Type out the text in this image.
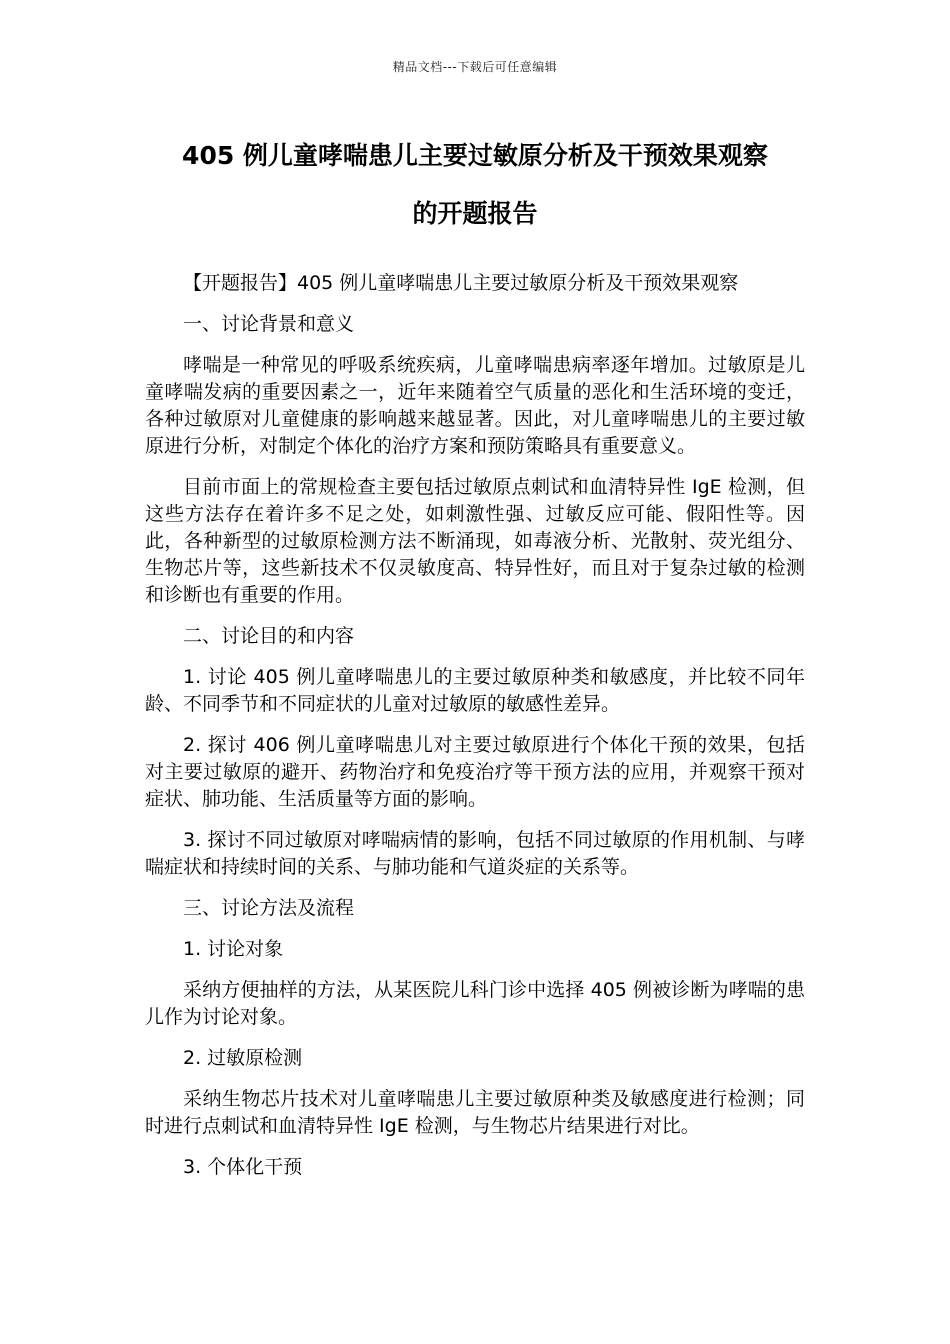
精品文档---下载后可任意编辑
405 例儿童哮喘患儿主要过敏原分析及干预效果观察
的开题报告

【开题报告】405 例儿童哮喘患儿主要过敏原分析及干预效果观察

一、讨论背景和意义

哮喘是一种常见的呼吸系统疾病，儿童哮喘患病率逐年增加。过敏原是儿童哮喘发病的重要因素之一，近年来随着空气质量的恶化和生活环境的变迁，各种过敏原对儿童健康的影响越来越显著。因此，对儿童哮喘患儿的主要过敏原进行分析，对制定个体化的治疗方案和预防策略具有重要意义。

目前市面上的常规检查主要包括过敏原点刺试和血清特异性 IgE 检测，但这些方法存在着许多不足之处，如刺激性强、过敏反应可能、假阳性等。因此，各种新型的过敏原检测方法不断涌现，如毒液分析、光散射、荧光组分、生物芯片等，这些新技术不仅灵敏度高、特异性好，而且对于复杂过敏的检测和诊断也有重要的作用。

二、讨论目的和内容

1. 讨论 405 例儿童哮喘患儿的主要过敏原种类和敏感度，并比较不同年龄、不同季节和不同症状的儿童对过敏原的敏感性差异。

2. 探讨 406 例儿童哮喘患儿对主要过敏原进行个体化干预的效果，包括对主要过敏原的避开、药物治疗和免疫治疗等干预方法的应用，并观察干预对症状、肺功能、生活质量等方面的影响。

3. 探讨不同过敏原对哮喘病情的影响，包括不同过敏原的作用机制、与哮喘症状和持续时间的关系、与肺功能和气道炎症的关系等。

三、讨论方法及流程

1. 讨论对象

采纳方便抽样的方法，从某医院儿科门诊中选择 405 例被诊断为哮喘的患儿作为讨论对象。

2. 过敏原检测

采纳生物芯片技术对儿童哮喘患儿主要过敏原种类及敏感度进行检测；同时进行点刺试和血清特异性 IgE 检测，与生物芯片结果进行对比。

3. 个体化干预
